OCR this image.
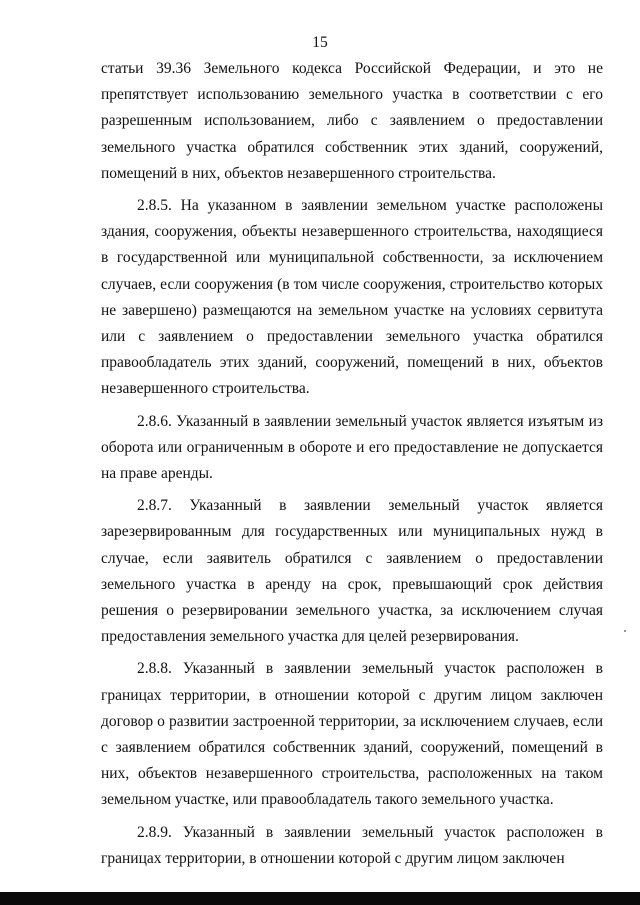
15

статьи 39.36 Земельного кодекса Российской Федерации, и это не препятствует использованию земельного участка в соответствии с его разрешенным использованием, либо с заявлением о предоставлении земельного участка обратился собственник этих зданий, сооружений, помещений в них, объектов незавершенного строительства.

2.8.5. На указанном в заявлении земельном участке расположены здания, сооружения, объекты незавершенного строительства, находящиеся в государственной или муниципальной собственности, за исключением случаев, если сооружения (в том числе сооружения, строительство которых не завершено) размещаются на земельном участке на условиях сервитута или с заявлением о предоставлении земельного участка обратился правообладатель этих зданий, сооружений, помещений в них, объектов незавершенного строительства.

2.8.6. Указанный в заявлении земельный участок является изъятым из оборота или ограниченным в обороте и его предоставление не допускается на праве аренды.

2.8.7. Указанный в заявлении земельный участок является зарезервированным для государственных или муниципальных нужд в случае, если заявитель обратился с заявлением о предоставлении земельного участка в аренду на срок, превышающий срок действия решения о резервировании земельного участка, за исключением случая предоставления земельного участка для целей резервирования.

2.8.8. Указанный в заявлении земельный участок расположен в границах территории, в отношении которой с другим лицом заключен договор о развитии застроенной территории, за исключением случаев, если с заявлением обратился собственник зданий, сооружений, помещений в них, объектов незавершенного строительства, расположенных на таком земельном участке, или правообладатель такого земельного участка.

2.8.9. Указанный в заявлении земельный участок расположен в границах территории, в отношении которой с другим лицом заключен
